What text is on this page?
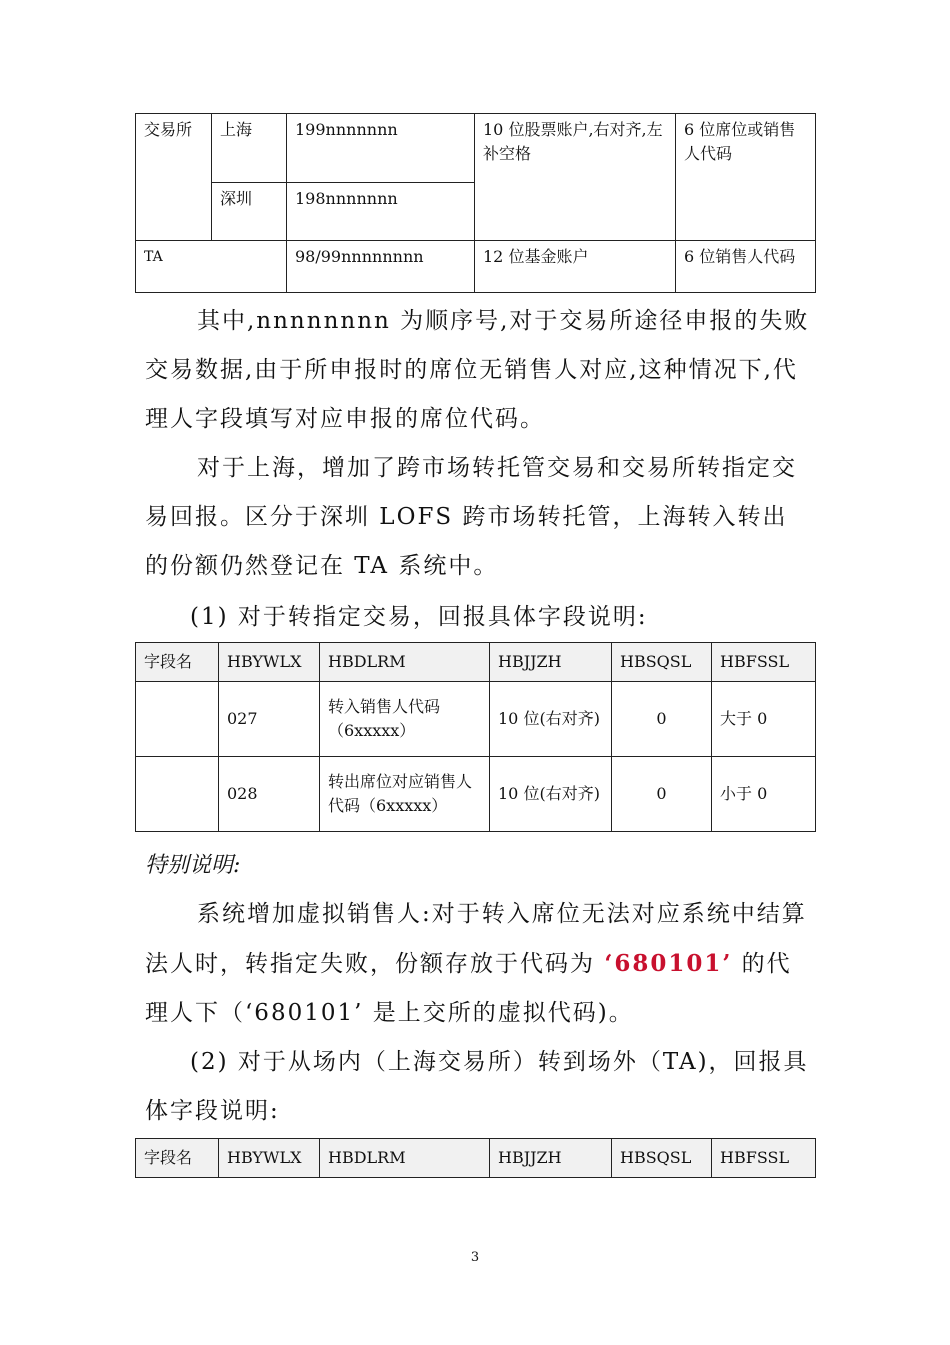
交易所	上海	199nnnnnnn	10 位股票账户,右对齐,左补空格	6 位席位或销售人代码
	深圳	198nnnnnnn		
TA		98/99nnnnnnnn	12 位基金账户	6 位销售人代码

其中,nnnnnnnn 为顺序号,对于交易所途径申报的失败交易数据,由于所申报时的席位无销售人对应,这种情况下,代理人字段填写对应申报的席位代码。

对于上海，增加了跨市场转托管交易和交易所转指定交易回报。区分于深圳 LOFS 跨市场转托管，上海转入转出的份额仍然登记在 TA 系统中。

(1) 对于转指定交易，回报具体字段说明:

字段名	HBYWLX	HBDLRM	HBJJZH	HBSQSL	HBFSSL
	027	转入销售人代码（6xxxxx）	10 位(右对齐)	0	大于 0
	028	转出席位对应销售人代码（6xxxxx）	10 位(右对齐)	0	小于 0

特别说明:

系统增加虚拟销售人:对于转入席位无法对应系统中结算法人时，转指定失败，份额存放于代码为 ‘680101’ 的代理人下（‘680101’ 是上交所的虚拟代码)。

(2) 对于从场内（上海交易所）转到场外（TA)，回报具体字段说明:

字段名	HBYWLX	HBDLRM	HBJJZH	HBSQSL	HBFSSL
3
